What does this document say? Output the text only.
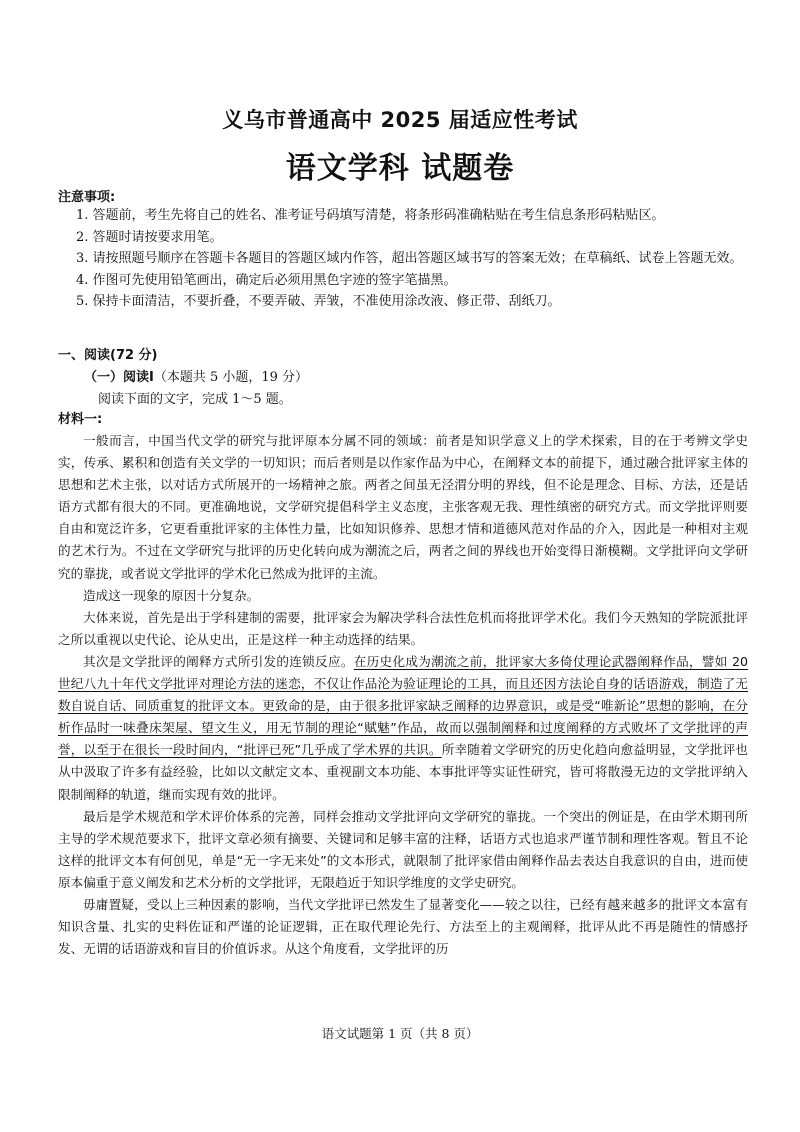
义乌市普通高中 2025 届适应性考试
语文学科 试题卷
注意事项:

1. 答题前，考生先将自己的姓名、准考证号码填写清楚，将条形码准确粘贴在考生信息条形码粘贴区。

2. 答题时请按要求用笔。

3. 请按照题号顺序在答题卡各题目的答题区域内作答，超出答题区域书写的答案无效；在草稿纸、试卷上答题无效。

4. 作图可先使用铅笔画出，确定后必须用黑色字迹的签字笔描黑。

5. 保持卡面清洁，不要折叠，不要弄破、弄皱，不准使用涂改液、修正带、刮纸刀。

一、阅读(72 分)
（一）阅读Ⅰ（本题共 5 小题，19 分）
阅读下面的文字，完成 1～5 题。
材料一:

一般而言，中国当代文学的研究与批评原本分属不同的领域：前者是知识学意义上的学术探索，目的在于考辨文学史实，传承、累积和创造有关文学的一切知识；而后者则是以作家作品为中心，在阐释文本的前提下，通过融合批评家主体的思想和艺术主张，以对话方式所展开的一场精神之旅。两者之间虽无泾渭分明的界线，但不论是理念、目标、方法，还是话语方式都有很大的不同。更准确地说，文学研究提倡科学主义态度，主张客观无我、理性缜密的研究方式。而文学批评则要自由和宽泛许多，它更看重批评家的主体性力量，比如知识修养、思想才情和道德风范对作品的介入，因此是一种相对主观的艺术行为。不过在文学研究与批评的历史化转向成为潮流之后，两者之间的界线也开始变得日渐模糊。文学批评向文学研究的靠拢，或者说文学批评的学术化已然成为批评的主流。

造成这一现象的原因十分复杂。

大体来说，首先是出于学科建制的需要，批评家会为解决学科合法性危机而将批评学术化。我们今天熟知的学院派批评之所以重视以史代论、论从史出，正是这样一种主动选择的结果。

其次是文学批评的阐释方式所引发的连锁反应。在历史化成为潮流之前，批评家大多倚仗理论武器阐释作品，譬如 20 世纪八九十年代文学批评对理论方法的迷恋，不仅让作品沦为验证理论的工具，而且还因方法论自身的话语游戏，制造了无数自说自话、同质重复的批评文本。更致命的是，由于很多批评家缺乏阐释的边界意识，或是受“唯新论”思想的影响，在分析作品时一味叠床架屋、望文生义，用无节制的理论“赋魅”作品，故而以强制阐释和过度阐释的方式败坏了文学批评的声誉，以至于在很长一段时间内，“批评已死”几乎成了学术界的共识。所幸随着文学研究的历史化趋向愈益明显，文学批评也从中汲取了许多有益经验，比如以文献定文本、重视副文本功能、本事批评等实证性研究，皆可将散漫无边的文学批评纳入限制阐释的轨道，继而实现有效的批评。

最后是学术规范和学术评价体系的完善，同样会推动文学批评向文学研究的靠拢。一个突出的例证是，在由学术期刊所主导的学术规范要求下，批评文章必须有摘要、关键词和足够丰富的注释，话语方式也追求严谨节制和理性客观。暂且不论这样的批评文本有何创见，单是“无一字无来处”的文本形式，就限制了批评家借由阐释作品去表达自我意识的自由，进而使原本偏重于意义阐发和艺术分析的文学批评，无限趋近于知识学维度的文学史研究。

毋庸置疑，受以上三种因素的影响，当代文学批评已然发生了显著变化——较之以往，已经有越来越多的批评文本富有知识含量、扎实的史料佐证和严谨的论证逻辑，正在取代理论先行、方法至上的主观阐释，批评从此不再是随性的情感抒发、无谓的话语游戏和盲目的价值诉求。从这个角度看，文学批评的历

语文试题第 1 页（共 8 页）
